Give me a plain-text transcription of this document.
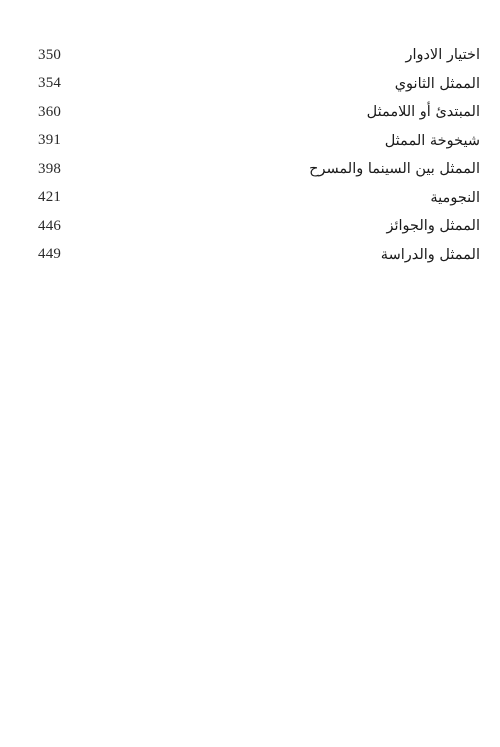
350	اختيار الادوار
354	الممثل الثانوي
360	المبتدئ أو اللاممثل
391	شيخوخة الممثل
398	الممثل بين السينما والمسرح
421	النجومية
446	الممثل والجوائز
449	الممثل والدراسة
